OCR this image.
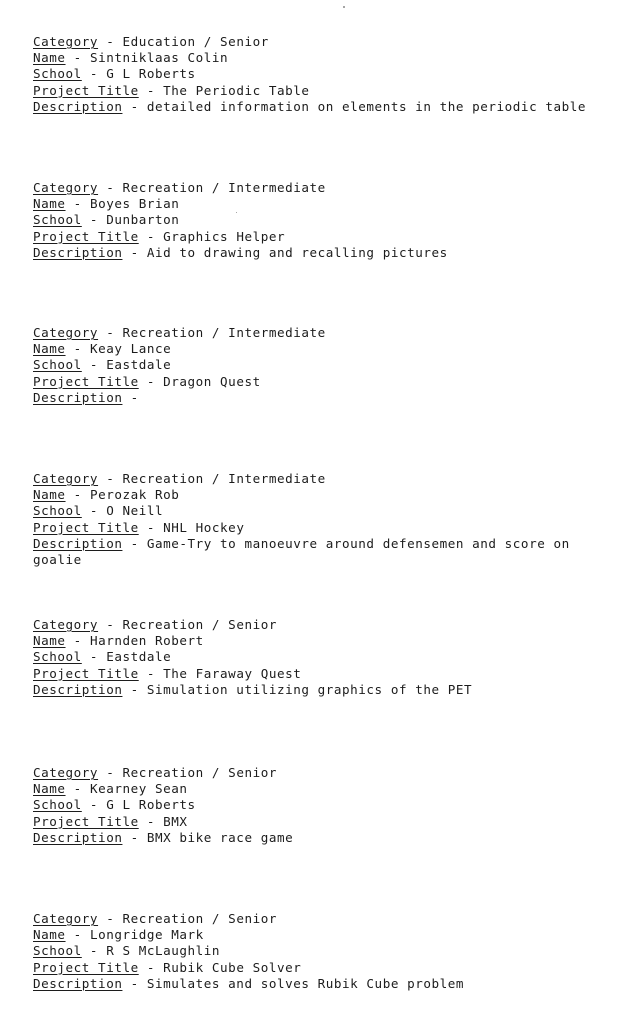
Category - Education / Senior
Name - Sintniklaas Colin
School - G L Roberts
Project Title - The Periodic Table
Description - detailed information on elements in the periodic table
Category - Recreation / Intermediate
Name - Boyes Brian
School - Dunbarton
Project Title - Graphics Helper
Description - Aid to drawing and recalling pictures
Category - Recreation / Intermediate
Name - Keay Lance
School - Eastdale
Project Title - Dragon Quest
Description -
Category - Recreation / Intermediate
Name - Perozak Rob
School - O Neill
Project Title - NHL Hockey
Description - Game-Try to manoeuvre around defensemen and score on goalie
Category - Recreation / Senior
Name - Harnden Robert
School - Eastdale
Project Title - The Faraway Quest
Description - Simulation utilizing graphics of the PET
Category - Recreation / Senior
Name - Kearney Sean
School - G L Roberts
Project Title - BMX
Description - BMX bike race game
Category - Recreation / Senior
Name - Longridge Mark
School - R S McLaughlin
Project Title - Rubik Cube Solver
Description - Simulates and solves Rubik Cube problem
